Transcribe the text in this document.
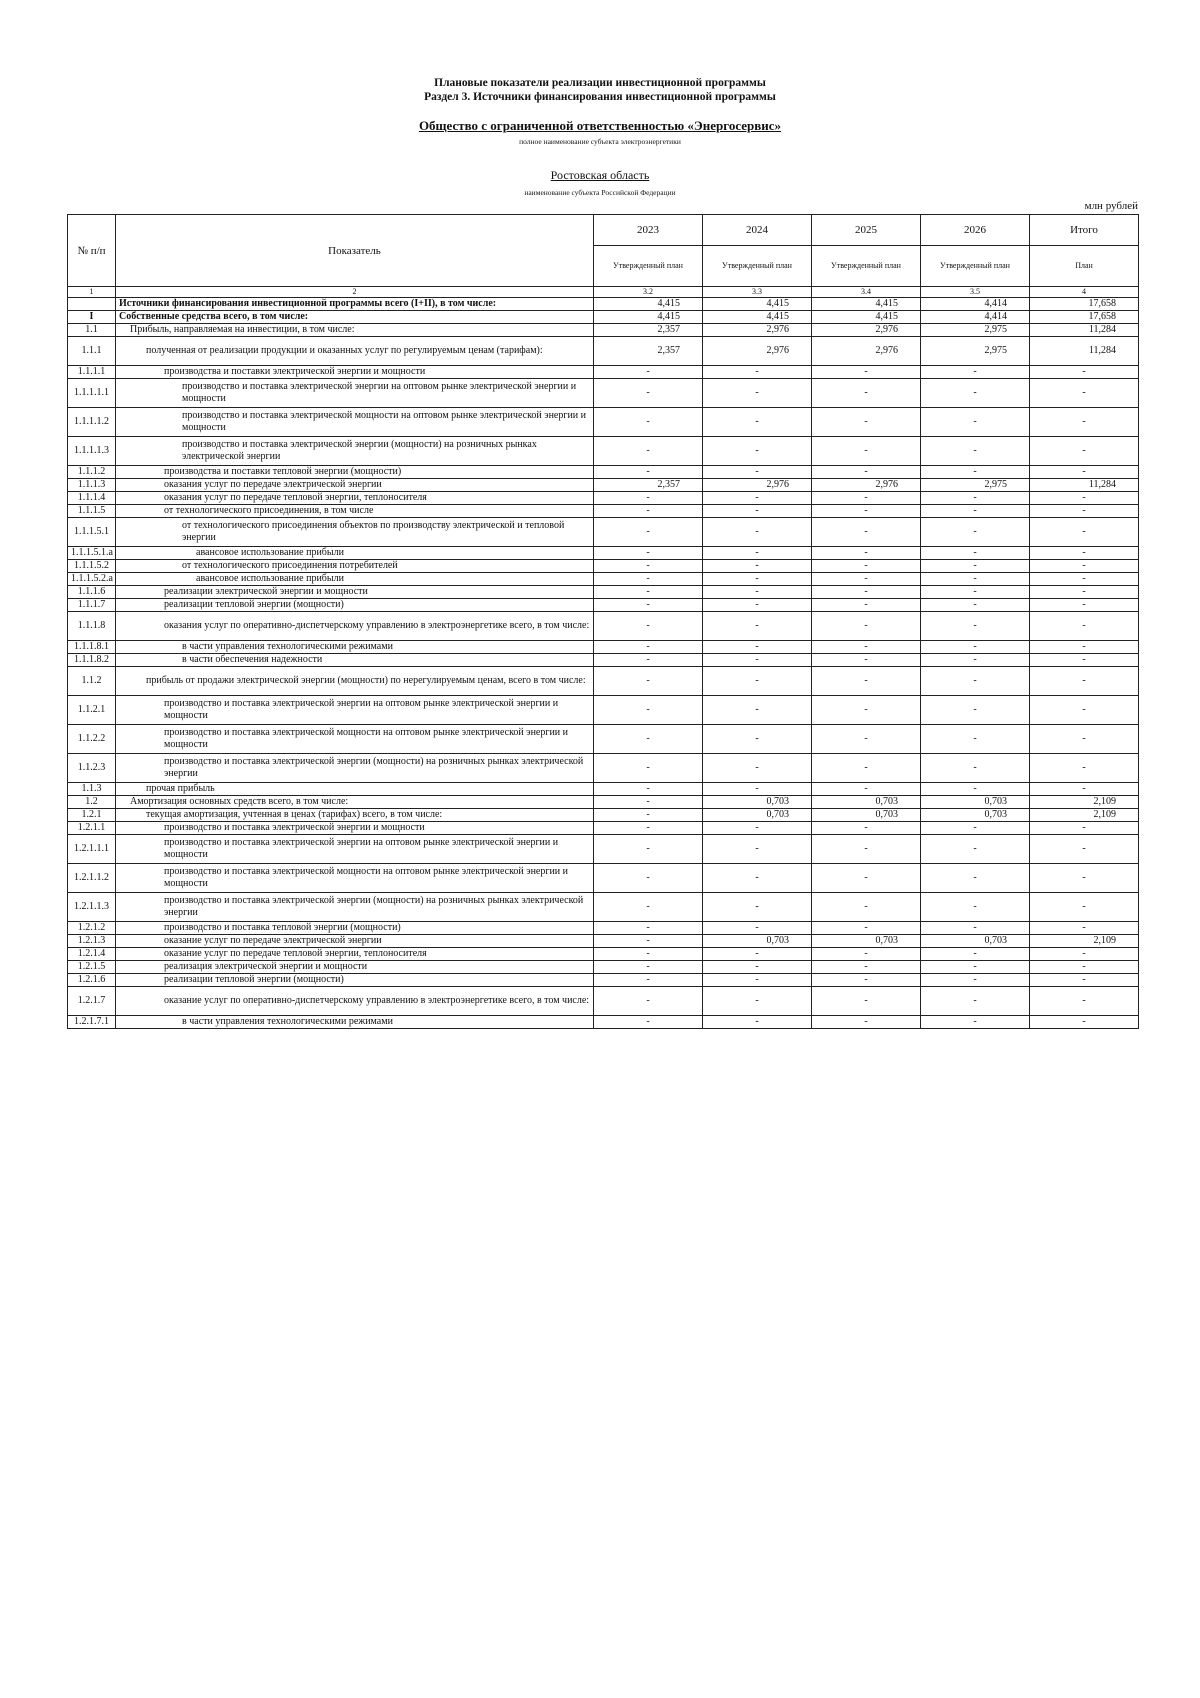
Плановые показатели реализации инвестиционной программы
Раздел 3. Источники финансирования инвестиционной программы
Общество с ограниченной ответственностью «Энергосервис»
полное наименование субъекта электроэнергетики
Ростовская область
наименование субъекта Российской Федерации
млн рублей
№ п/п	Показатель	2023	2024	2025	2026	Итого
		Утвержденный план	Утвержденный план	Утвержденный план	Утвержденный план	План
1	2	3.2	3.3	3.4	3.5	4
	Источники финансирования инвестиционной программы всего (I+II), в том числе:	4,415	4,415	4,415	4,414	17,658
I	Собственные средства всего, в том числе:	4,415	4,415	4,415	4,414	17,658
1.1	Прибыль, направляемая на инвестиции, в том числе:	2,357	2,976	2,976	2,975	11,284
1.1.1	полученная от реализации продукции и оказанных услуг по регулируемым ценам (тарифам):	2,357	2,976	2,976	2,975	11,284
1.1.1.1	производства и поставки электрической энергии и мощности	-	-	-	-	-
1.1.1.1.1	производство и поставка электрической энергии на оптовом рынке электрической энергии и мощности	-	-	-	-	-
1.1.1.1.2	производство и поставка электрической мощности на оптовом рынке электрической энергии и мощности	-	-	-	-	-
1.1.1.1.3	производство и поставка электрической энергии (мощности) на розничных рынках электрической энергии	-	-	-	-	-
1.1.1.2	производства и поставки тепловой энергии (мощности)	-	-	-	-	-
1.1.1.3	оказания услуг по передаче электрической энергии	2,357	2,976	2,976	2,975	11,284
1.1.1.4	оказания услуг по передаче тепловой энергии, теплоносителя	-	-	-	-	-
1.1.1.5	от технологического присоединения, в том числе	-	-	-	-	-
1.1.1.5.1	от технологического присоединения объектов по производству электрической и тепловой энергии	-	-	-	-	-
1.1.1.5.1.a	авансовое использование прибыли	-	-	-	-	-
1.1.1.5.2	от технологического присоединения потребителей	-	-	-	-	-
1.1.1.5.2.a	авансовое использование прибыли	-	-	-	-	-
1.1.1.6	реализации электрической энергии и мощности	-	-	-	-	-
1.1.1.7	реализации тепловой энергии (мощности)	-	-	-	-	-
1.1.1.8	оказания услуг по оперативно-диспетчерскому управлению в электроэнергетике всего, в том числе:	-	-	-	-	-
1.1.1.8.1	в части управления технологическими режимами	-	-	-	-	-
1.1.1.8.2	в части обеспечения надежности	-	-	-	-	-
1.1.2	прибыль от продажи электрической энергии (мощности) по нерегулируемым ценам, всего в том числе:	-	-	-	-	-
1.1.2.1	производство и поставка электрической энергии на оптовом рынке электрической энергии и мощности	-	-	-	-	-
1.1.2.2	производство и поставка электрической мощности на оптовом рынке электрической энергии и мощности	-	-	-	-	-
1.1.2.3	производство и поставка электрической энергии (мощности) на розничных рынках электрической энергии	-	-	-	-	-
1.1.3	прочая прибыль	-	-	-	-	-
1.2	Амортизация основных средств всего, в том числе:	-	0,703	0,703	0,703	2,109
1.2.1	текущая амортизация, учтенная в ценах (тарифах) всего, в том числе:	-	0,703	0,703	0,703	2,109
1.2.1.1	производство и поставка электрической энергии и мощности	-	-	-	-	-
1.2.1.1.1	производство и поставка электрической энергии на оптовом рынке электрической энергии и мощности	-	-	-	-	-
1.2.1.1.2	производство и поставка электрической мощности на оптовом рынке электрической энергии и мощности	-	-	-	-	-
1.2.1.1.3	производство и поставка электрической энергии (мощности) на розничных рынках электрической энергии	-	-	-	-	-
1.2.1.2	производство и поставка тепловой энергии (мощности)	-	-	-	-	-
1.2.1.3	оказание услуг по передаче электрической энергии	-	0,703	0,703	0,703	2,109
1.2.1.4	оказание услуг по передаче тепловой энергии, теплоносителя	-	-	-	-	-
1.2.1.5	реализация электрической энергии и мощности	-	-	-	-	-
1.2.1.6	реализации тепловой энергии (мощности)	-	-	-	-	-
1.2.1.7	оказание услуг по оперативно-диспетчерскому управлению в электроэнергетике всего, в том числе:	-	-	-	-	-
1.2.1.7.1	в части управления технологическими режимами	-	-	-	-	-
